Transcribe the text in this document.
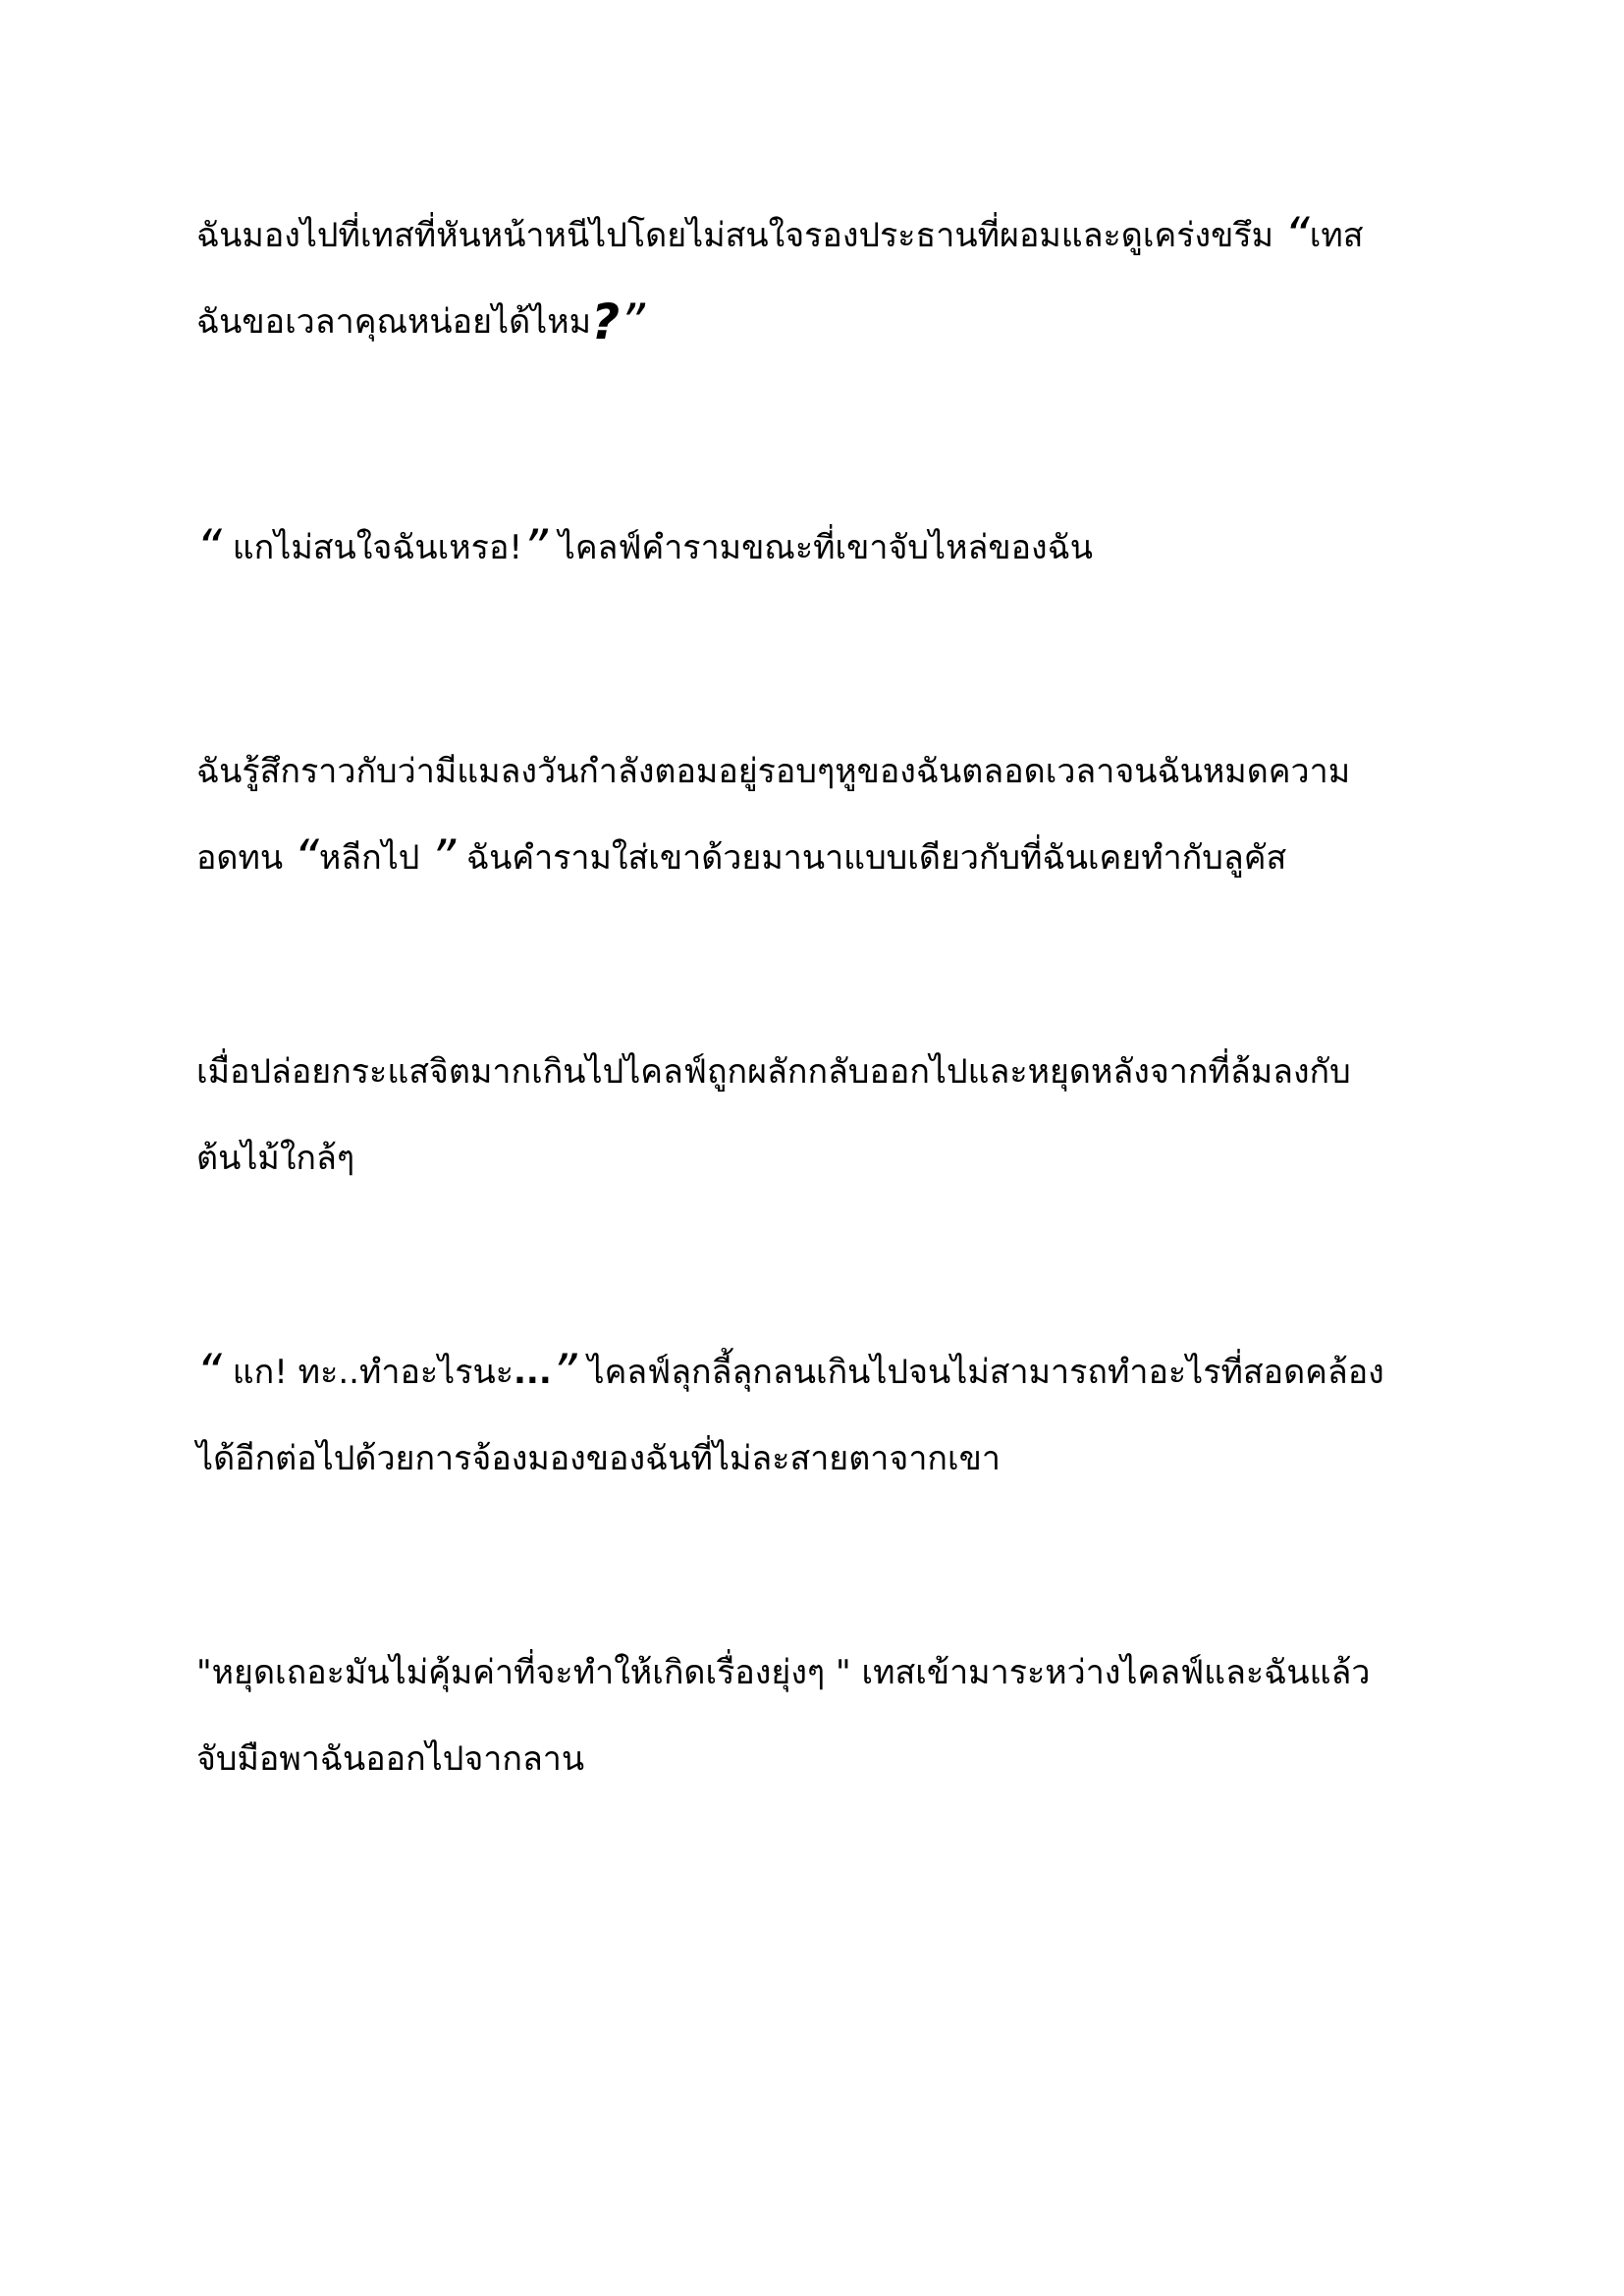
ฉันมองไปที่เทสที่หันหน้าหนีไปโดยไม่สนใจรองประธานที่ผอมและดูเคร่งขรึม “เทส
ฉันขอเวลาคุณหน่อยได้ไหม?”

“ แกไม่สนใจฉันเหรอ!” ไคลฟ์คำรามขณะที่เขาจับไหล่ของฉัน

ฉันรู้สึกราวกับว่ามีแมลงวันกำลังตอมอยู่รอบๆหูของฉันตลอดเวลาจนฉันหมดความ
อดทน “หลีกไป ” ฉันคำรามใส่เขาด้วยมานาแบบเดียวกับที่ฉันเคยทำกับลูคัส

เมื่อปล่อยกระแสจิตมากเกินไปไคลฟ์ถูกผลักกลับออกไปและหยุดหลังจากที่ล้มลงกับ
ต้นไม้ใกล้ๆ

“ แก! ทะ..ทำอะไรนะ...” ไคลฟ์ลุกลี้ลุกลนเกินไปจนไม่สามารถทำอะไรที่สอดคล้อง
ได้อีกต่อไปด้วยการจ้องมองของฉันที่ไม่ละสายตาจากเขา

"หยุดเถอะมันไม่คุ้มค่าที่จะทำให้เกิดเรื่องยุ่งๆ " เทสเข้ามาระหว่างไคลฟ์และฉันแล้ว
จับมือพาฉันออกไปจากลาน
